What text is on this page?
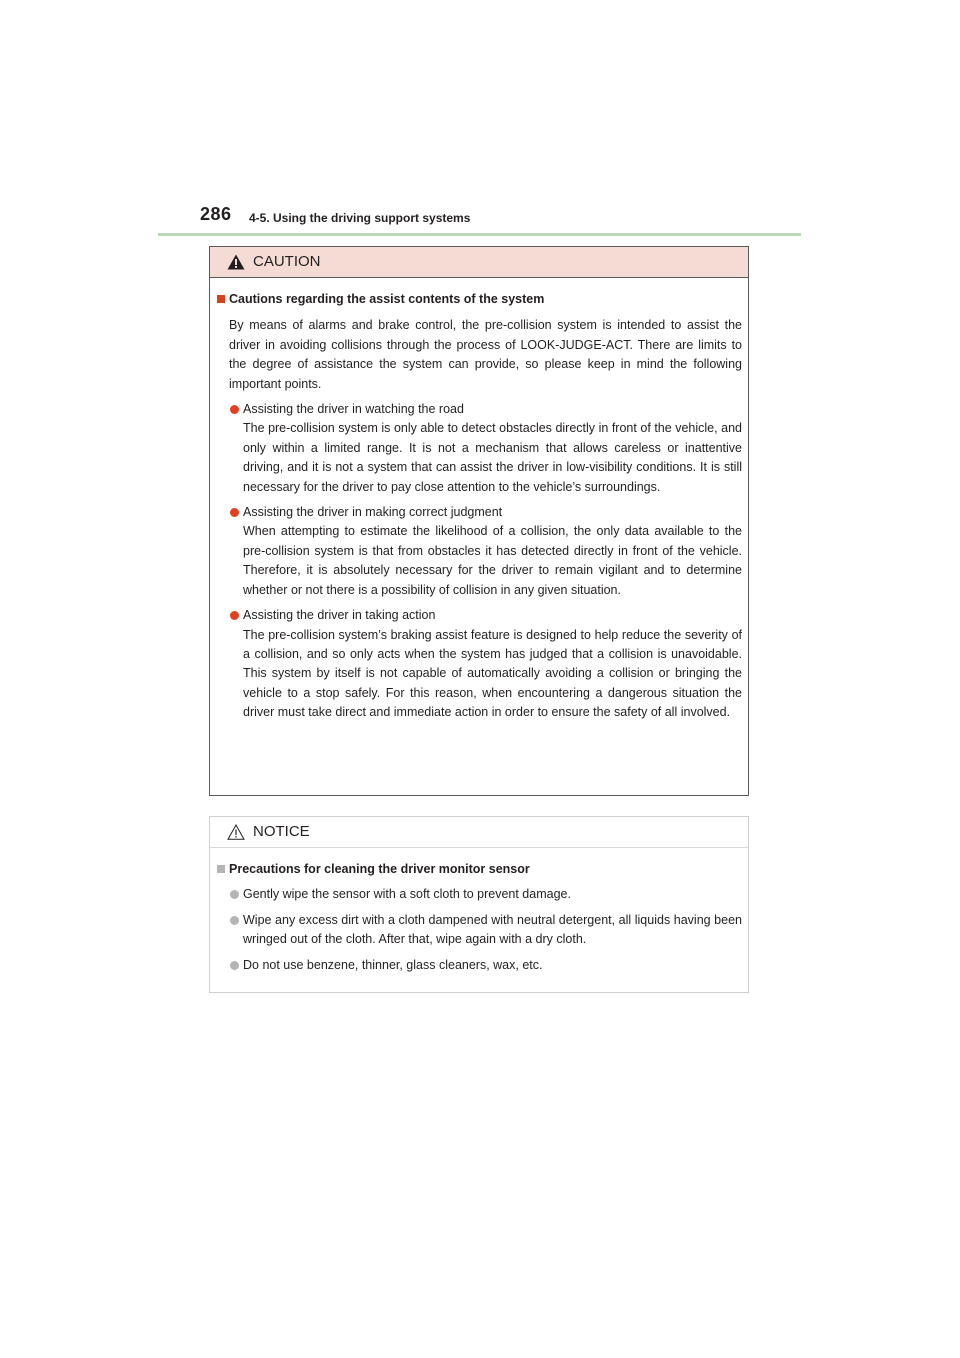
286 4-5. Using the driving support systems
CAUTION
Cautions regarding the assist contents of the system
By means of alarms and brake control, the pre-collision system is intended to assist the driver in avoiding collisions through the process of LOOK-JUDGE-ACT. There are limits to the degree of assistance the system can provide, so please keep in mind the following important points.
Assisting the driver in watching the road
The pre-collision system is only able to detect obstacles directly in front of the vehicle, and only within a limited range. It is not a mechanism that allows careless or inattentive driving, and it is not a system that can assist the driver in low-visibility conditions. It is still necessary for the driver to pay close attention to the vehicle’s surroundings.
Assisting the driver in making correct judgment
When attempting to estimate the likelihood of a collision, the only data available to the pre-collision system is that from obstacles it has detected directly in front of the vehicle. Therefore, it is absolutely necessary for the driver to remain vigilant and to determine whether or not there is a possibility of collision in any given situation.
Assisting the driver in taking action
The pre-collision system’s braking assist feature is designed to help reduce the severity of a collision, and so only acts when the system has judged that a collision is unavoidable. This system by itself is not capable of automatically avoiding a collision or bringing the vehicle to a stop safely. For this reason, when encountering a dangerous situation the driver must take direct and immediate action in order to ensure the safety of all involved.
NOTICE
Precautions for cleaning the driver monitor sensor
Gently wipe the sensor with a soft cloth to prevent damage.
Wipe any excess dirt with a cloth dampened with neutral detergent, all liquids having been wringed out of the cloth. After that, wipe again with a dry cloth.
Do not use benzene, thinner, glass cleaners, wax, etc.
